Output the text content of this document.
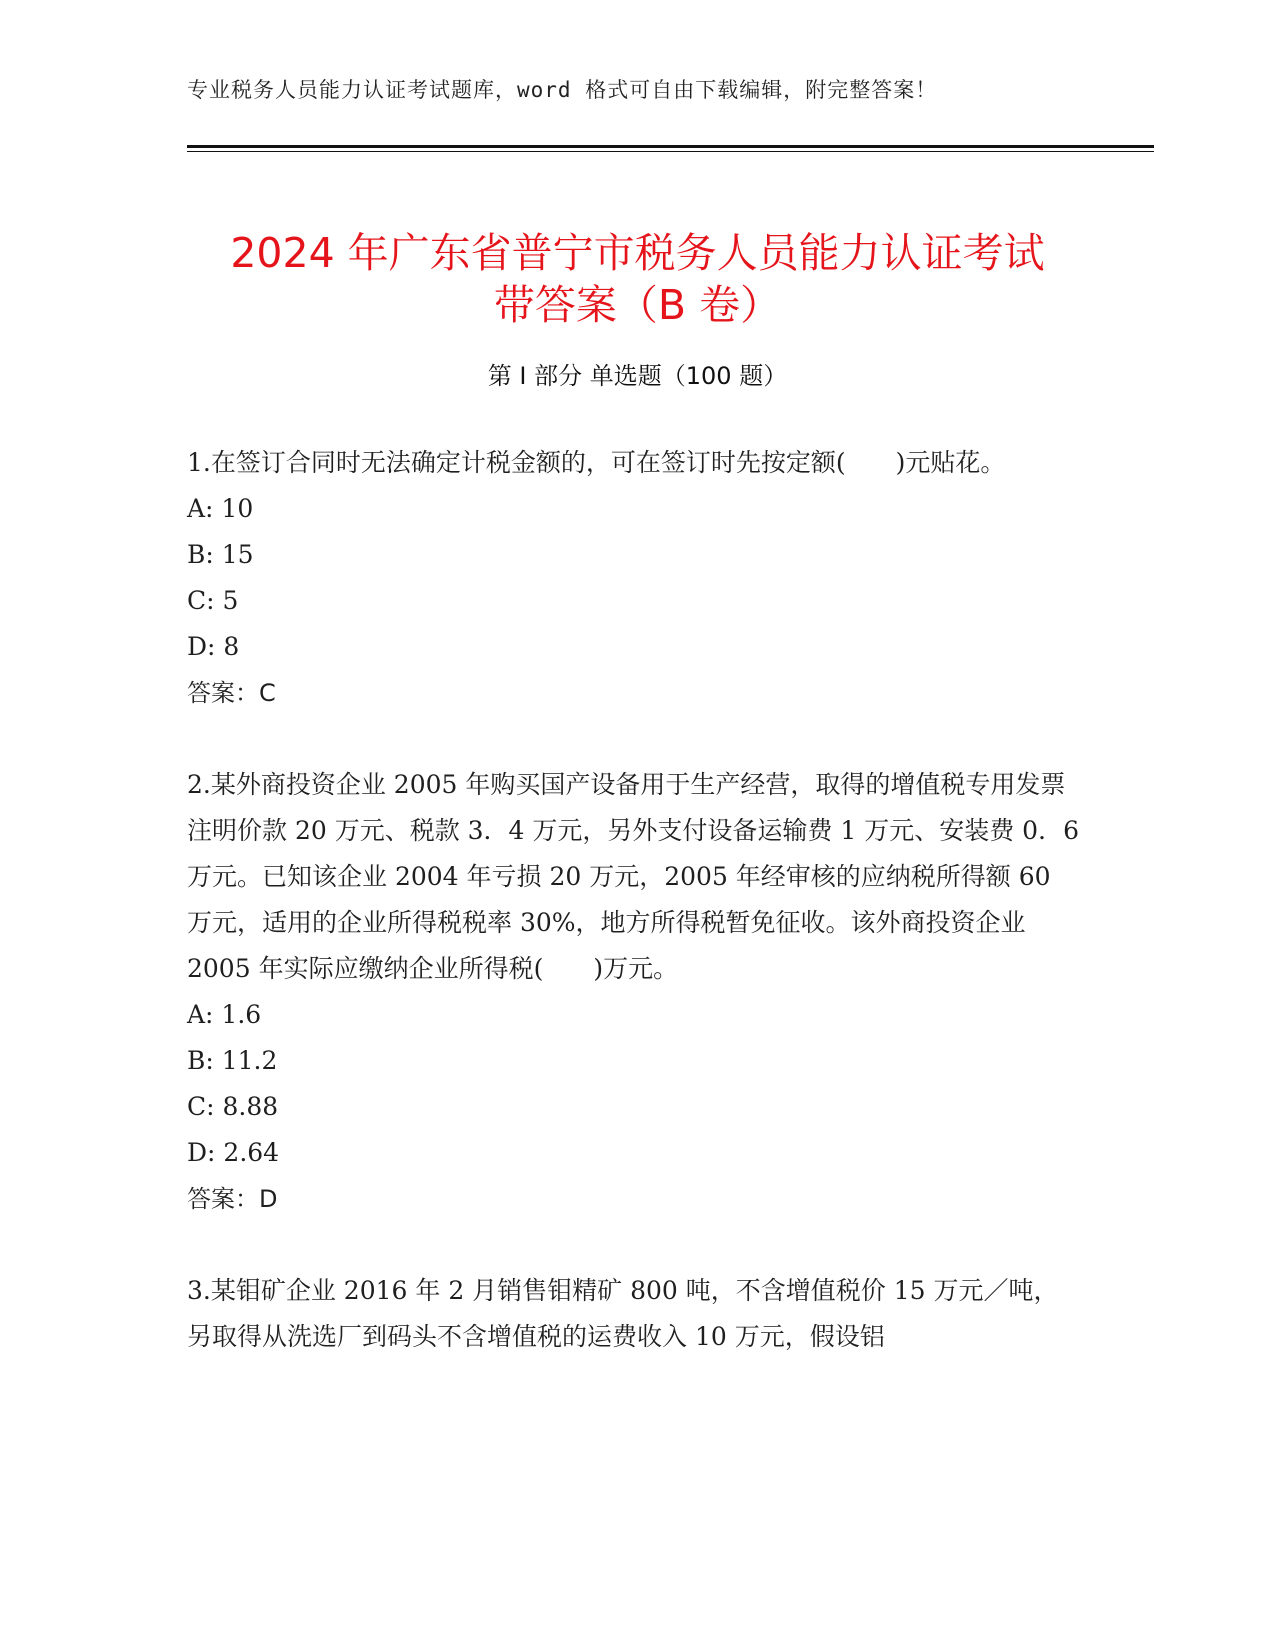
专业税务人员能力认证考试题库，word 格式可自由下载编辑，附完整答案！
2024 年广东省普宁市税务人员能力认证考试
带答案（B 卷）
第 I 部分 单选题（100 题）

1.在签订合同时无法确定计税金额的，可在签订时先按定额(　　)元贴花。

A: 10

B: 15

C: 5

D: 8

答案：C

2.某外商投资企业 2005 年购买国产设备用于生产经营，取得的增值税专用发票注明价款 20 万元、税款 3．4 万元，另外支付设备运输费 1 万元、安装费 0．6 万元。已知该企业 2004 年亏损 20 万元，2005 年经审核的应纳税所得额 60 万元，适用的企业所得税税率 30%，地方所得税暂免征收。该外商投资企业 2005 年实际应缴纳企业所得税(　　)万元。

A: 1.6

B: 11.2

C: 8.88

D: 2.64

答案：D

3.某钼矿企业 2016 年 2 月销售钼精矿 800 吨，不含增值税价 15 万元／吨，另取得从洗选厂到码头不含增值税的运费收入 10 万元，假设铝
